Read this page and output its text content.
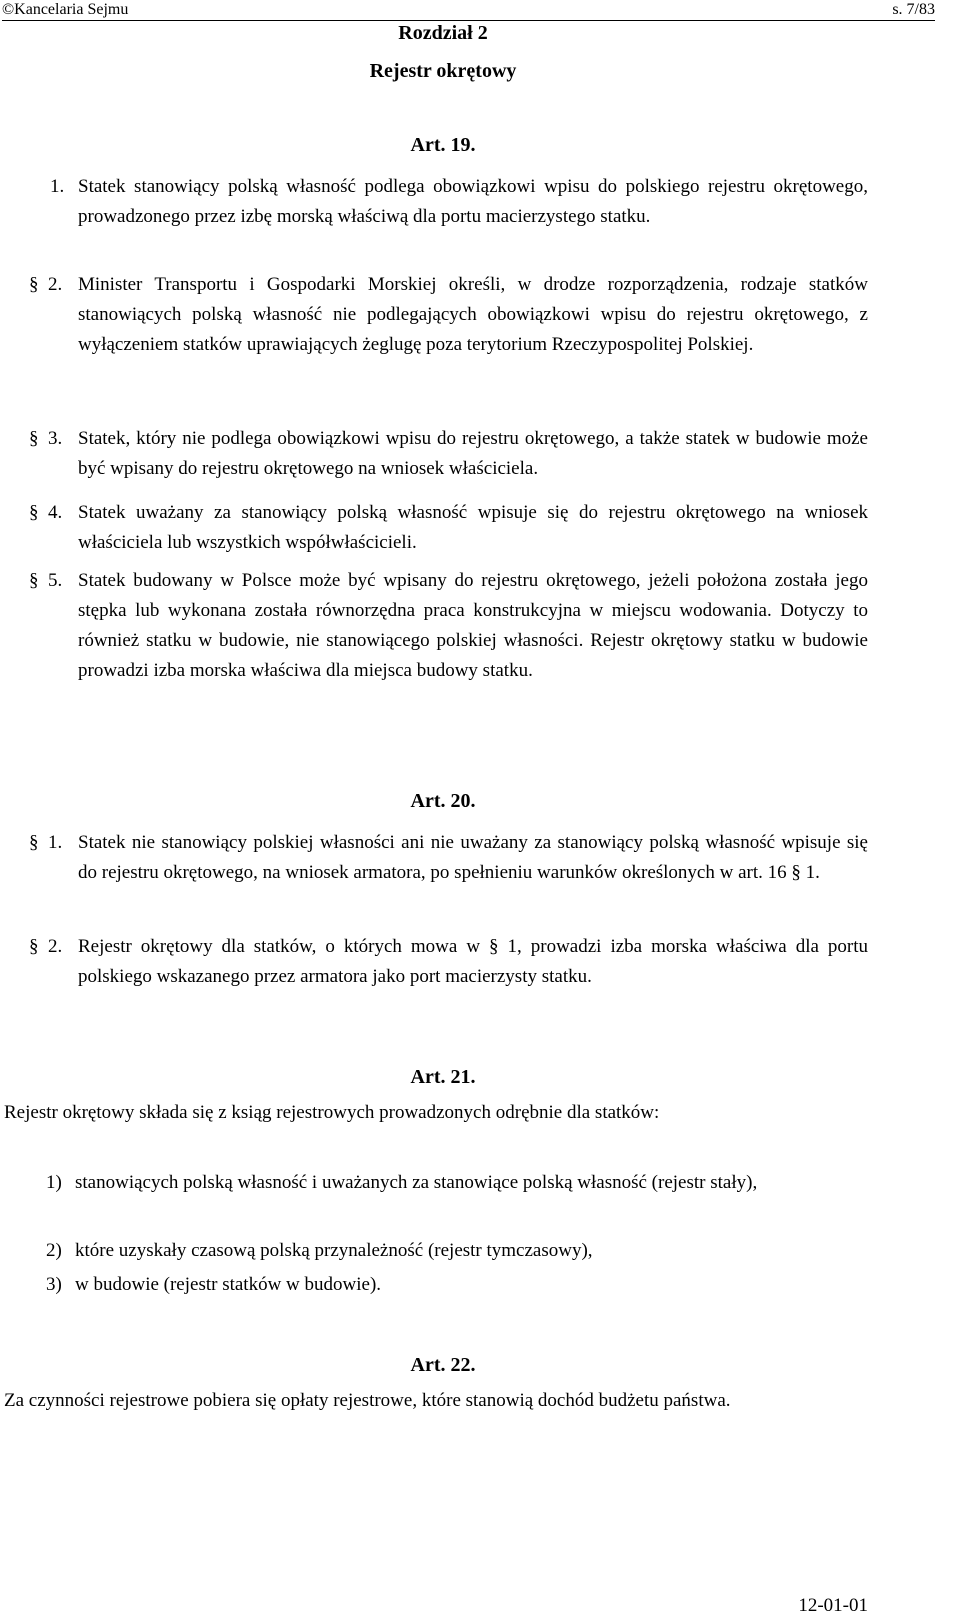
©Kancelaria Sejmu	s. 7/83
Rozdział 2
Rejestr okrętowy
Art. 19.
1. Statek stanowiący polską własność podlega obowiązkowi wpisu do polskiego rejestru okrętowego, prowadzonego przez izbę morską właściwą dla portu macierzystego statku.
§ 2. Minister Transportu i Gospodarki Morskiej określi, w drodze rozporządzenia, rodzaje statków stanowiących polską własność nie podlegających obowiązkowi wpisu do rejestru okrętowego, z wyłączeniem statków uprawiających żeglugę poza terytorium Rzeczypospolitej Polskiej.
§ 3. Statek, który nie podlega obowiązkowi wpisu do rejestru okrętowego, a także statek w budowie może być wpisany do rejestru okrętowego na wniosek właściciela.
§ 4. Statek uważany za stanowiący polską własność wpisuje się do rejestru okrętowego na wniosek właściciela lub wszystkich współwłaścicieli.
§ 5. Statek budowany w Polsce może być wpisany do rejestru okrętowego, jeżeli położona została jego stępka lub wykonana została równorzędna praca konstrukcyjna w miejscu wodowania. Dotyczy to również statku w budowie, nie stanowiącego polskiej własności. Rejestr okrętowy statku w budowie prowadzi izba morska właściwa dla miejsca budowy statku.
Art. 20.
§ 1. Statek nie stanowiący polskiej własności ani nie uważany za stanowiący polską własność wpisuje się do rejestru okrętowego, na wniosek armatora, po spełnieniu warunków określonych w art. 16 § 1.
§ 2. Rejestr okrętowy dla statków, o których mowa w § 1, prowadzi izba morska właściwa dla portu polskiego wskazanego przez armatora jako port macierzysty statku.
Art. 21.
Rejestr okrętowy składa się z ksiąg rejestrowych prowadzonych odrębnie dla statków:
1) stanowiących polską własność i uważanych za stanowiące polską własność (rejestr stały),
2) które uzyskały czasową polską przynależność (rejestr tymczasowy),
3) w budowie (rejestr statków w budowie).
Art. 22.
Za czynności rejestrowe pobiera się opłaty rejestrowe, które stanowią dochód budżetu państwa.
12-01-01
